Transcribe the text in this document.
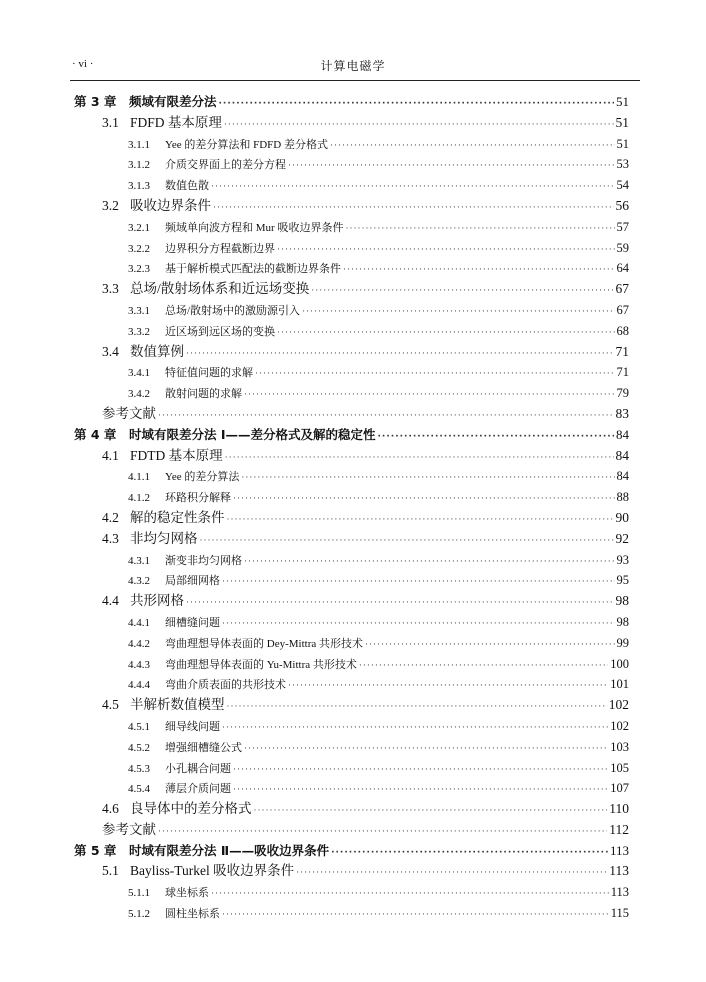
· vi ·	计算电磁学
第 3 章	频域有限差分法 ·····	51
3.1 FDFD 基本原理 ·····	51
3.1.1	Yee 的差分算法和 FDFD 差分格式 ·····	51
3.1.2	介质交界面上的差分方程 ·····	53
3.1.3	数值色散 ·····	54
3.2 吸收边界条件 ·····	56
3.2.1	频域单向波方程和 Mur 吸收边界条件 ·····	57
3.2.2	边界积分方程截断边界 ·····	59
3.2.3	基于解析模式匹配法的截断边界条件 ·····	64
3.3 总场/散射场体系和近远场变换 ·····	67
3.3.1	总场/散射场中的激励源引入 ·····	67
3.3.2	近区场到远区场的变换 ·····	68
3.4 数值算例 ·····	71
3.4.1	特征值问题的求解 ·····	71
3.4.2	散射问题的求解 ·····	79
参考文献 ·····	83
第 4 章	时域有限差分法 Ⅰ——差分格式及解的稳定性 ·····	84
4.1 FDTD 基本原理 ·····	84
4.1.1	Yee 的差分算法 ·····	84
4.1.2	环路积分解释 ·····	88
4.2 解的稳定性条件 ·····	90
4.3 非均匀网格 ·····	92
4.3.1	渐变非均匀网格 ·····	93
4.3.2	局部细网格 ·····	95
4.4 共形网格 ·····	98
4.4.1	细槽缝问题 ·····	98
4.4.2	弯曲理想导体表面的 Dey-Mittra 共形技术 ·····	99
4.4.3	弯曲理想导体表面的 Yu-Mittra 共形技术 ·····	100
4.4.4	弯曲介质表面的共形技术 ·····	101
4.5 半解析数值模型 ·····	102
4.5.1	细导线问题 ·····	102
4.5.2	增强细槽缝公式 ·····	103
4.5.3	小孔耦合问题 ·····	105
4.5.4	薄层介质问题 ·····	107
4.6 良导体中的差分格式 ·····	110
参考文献 ·····	112
第 5 章	时域有限差分法 Ⅱ——吸收边界条件 ·····	113
5.1 Bayliss-Turkel 吸收边界条件 ·····	113
5.1.1	球坐标系 ·····	113
5.1.2	圆柱坐标系 ·····	115
